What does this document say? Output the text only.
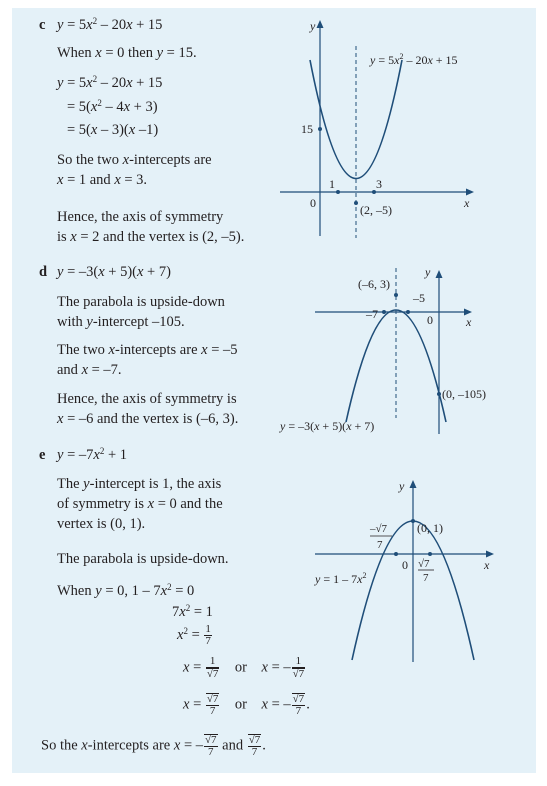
c $y = 5x^2 - 20x + 15$
When x = 0 then y = 15.
$y = 5x^2 - 20x + 15$
= $5(x^2 - 4x + 3)$
= 5(x – 3)(x –1)
So the two x-intercepts are
x = 1 and x = 3.
Hence, the axis of symmetry
is x = 2 and the vertex is (2, –5).
y
x
0
15
1	3
(2, –5)
$y = 5x^2 - 20x + 15$
d y = –3(x + 5)(x + 7)
The parabola is upside-down
with y-intercept –105.
The two x-intercepts are x = –5
and x = –7.
Hence, the axis of symmetry is
x = –6 and the vertex is (–6, 3).
y
x
0
(–6, 3)
–7
–5
(0, –105)
y = –3(x + 5)(x + 7)
e $y = -7x^2 + 1$
The y-intercept is 1, the axis
of symmetry is x = 0 and the
vertex is (0, 1).
The parabola is upside-down.
When y = 0, $1 - 7x^2 = 0$
$7x^2 = 1$
$x^2 = \frac{1}{7}$
$x = \frac{1}{√7}$ or x = – $\frac{1}{√7}$
$x = \frac{√7}{7}$ or x = – $\frac{√7}{7}$ .
So the x-intercepts are x = – $\frac{√7}{7}$ and $\frac{√7}{7}$ .
y
x
0
(0, 1)
–√7
7
√7
7
$y = 1 - 7x^2$
